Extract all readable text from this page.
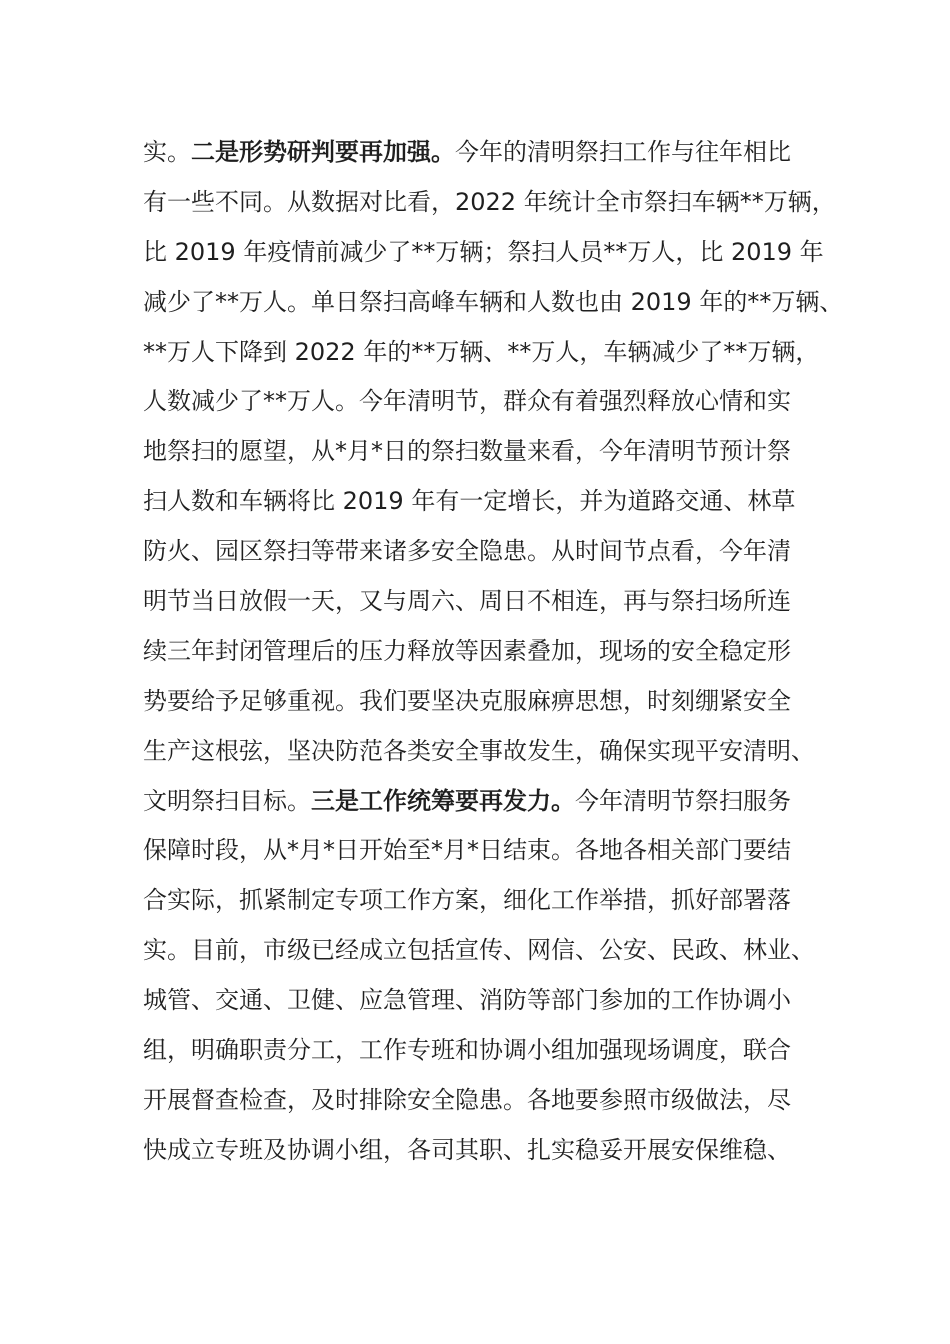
实。二是形势研判要再加强。今年的清明祭扫工作与往年相比
有一些不同。从数据对比看，2022 年统计全市祭扫车辆**万辆，
比 2019 年疫情前减少了**万辆；祭扫人员**万人，比 2019 年
减少了**万人。单日祭扫高峰车辆和人数也由 2019 年的**万辆、
**万人下降到 2022 年的**万辆、**万人，车辆减少了**万辆，
人数减少了**万人。今年清明节，群众有着强烈释放心情和实
地祭扫的愿望，从*月*日的祭扫数量来看，今年清明节预计祭
扫人数和车辆将比 2019 年有一定增长，并为道路交通、林草
防火、园区祭扫等带来诸多安全隐患。从时间节点看，今年清
明节当日放假一天，又与周六、周日不相连，再与祭扫场所连
续三年封闭管理后的压力释放等因素叠加，现场的安全稳定形
势要给予足够重视。我们要坚决克服麻痹思想，时刻绷紧安全
生产这根弦，坚决防范各类安全事故发生，确保实现平安清明、
文明祭扫目标。三是工作统筹要再发力。今年清明节祭扫服务
保障时段，从*月*日开始至*月*日结束。各地各相关部门要结
合实际，抓紧制定专项工作方案，细化工作举措，抓好部署落
实。目前，市级已经成立包括宣传、网信、公安、民政、林业、
城管、交通、卫健、应急管理、消防等部门参加的工作协调小
组，明确职责分工，工作专班和协调小组加强现场调度，联合
开展督查检查，及时排除安全隐患。各地要参照市级做法，尽
快成立专班及协调小组，各司其职、扎实稳妥开展安保维稳、
